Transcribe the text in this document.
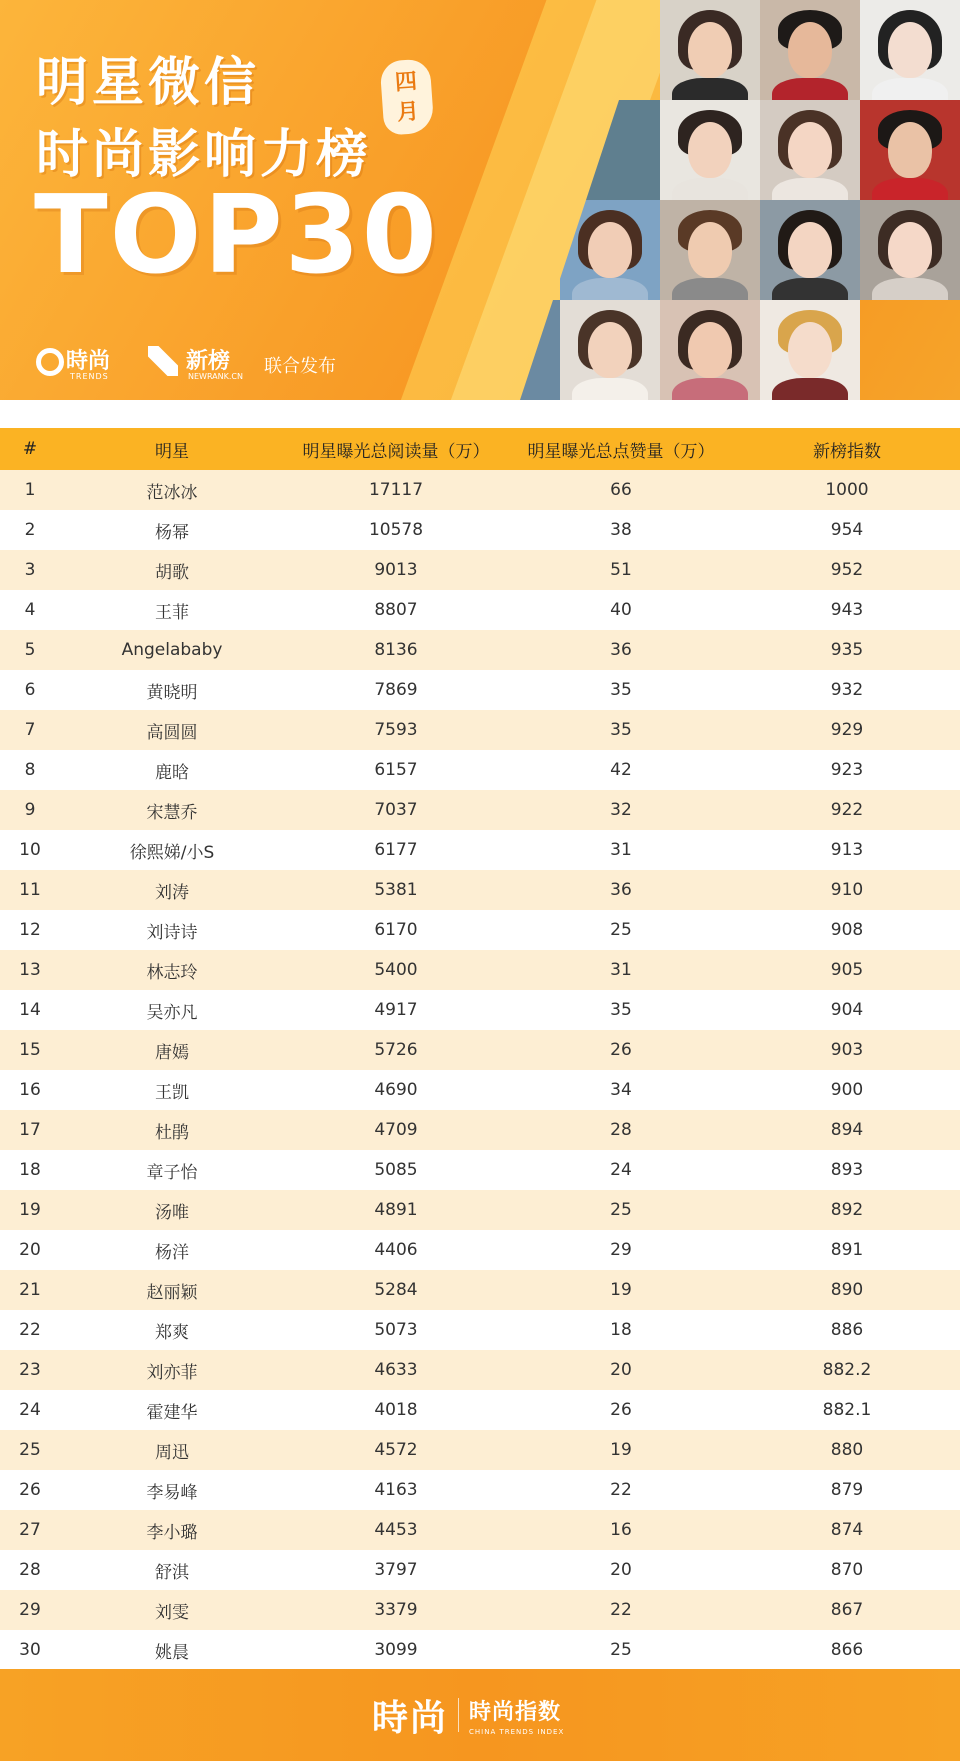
明星微信
时尚影响力榜
四
月
TOP30
時尚
TRENDS
新榜
NEWRANK.CN 联合发布
#	明星	明星曝光总阅读量（万）	明星曝光总点赞量（万）	新榜指数
1	范冰冰	17117	66	1000
2	杨幂	10578	38	954
3	胡歌	9013	51	952
4	王菲	8807	40	943
5	Angelababy	8136	36	935
6	黄晓明	7869	35	932
7	高圆圆	7593	35	929
8	鹿晗	6157	42	923
9	宋慧乔	7037	32	922
10	徐熙娣/小S	6177	31	913
11	刘涛	5381	36	910
12	刘诗诗	6170	25	908
13	林志玲	5400	31	905
14	吴亦凡	4917	35	904
15	唐嫣	5726	26	903
16	王凯	4690	34	900
17	杜鹃	4709	28	894
18	章子怡	5085	24	893
19	汤唯	4891	25	892
20	杨洋	4406	29	891
21	赵丽颖	5284	19	890
22	郑爽	5073	18	886
23	刘亦菲	4633	20	882.2
24	霍建华	4018	26	882.1
25	周迅	4572	19	880
26	李易峰	4163	22	879
27	李小璐	4453	16	874
28	舒淇	3797	20	870
29	刘雯	3379	22	867
30	姚晨	3099	25	866
時尚 時尚指数
CHINA TRENDS INDEX
